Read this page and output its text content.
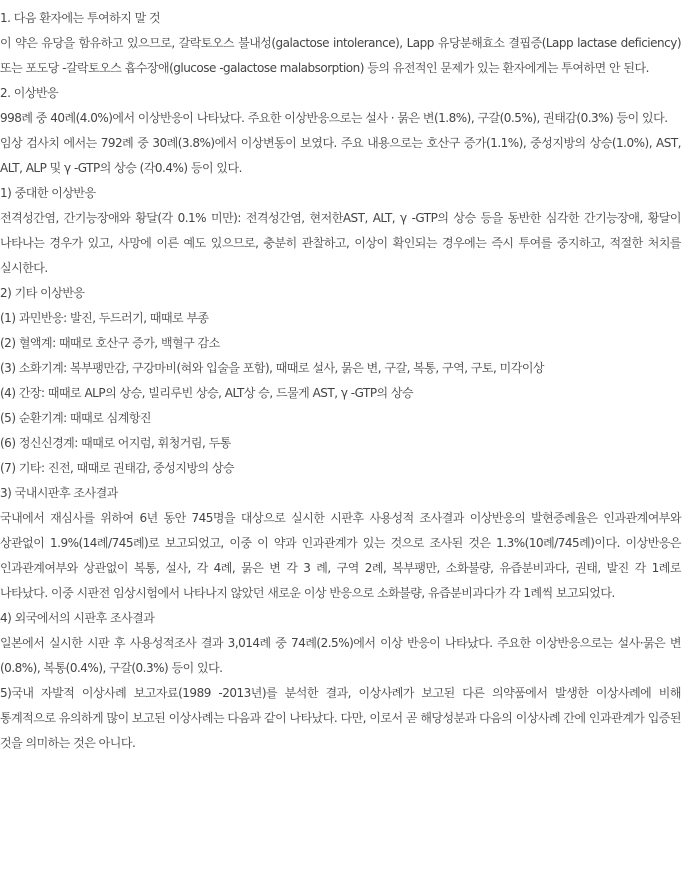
1. 다음 환자에는 투여하지 말 것

이 약은 유당을 함유하고 있으므로, 갈락토오스 불내성(galactose intolerance), Lapp 유당분해효소 결핍증(Lapp lactase deficiency) 또는 포도당 -갈락토오스 흡수장애(glucose -galactose malabsorption) 등의 유전적인 문제가 있는 환자에게는 투여하면 안 된다.

2. 이상반응

998례 중 40례(4.0%)에서 이상반응이 나타났다. 주요한 이상반응으로는 설사 · 묽은 변(1.8%), 구갈(0.5%), 권태감(0.3%) 등이 있다.

임상 검사치 에서는 792례 중 30례(3.8%)에서 이상변동이 보였다. 주요 내용으로는 호산구 증가(1.1%), 중성지방의 상승(1.0%), AST, ALT, ALP 및 γ -GTP의 상승 (각0.4%) 등이 있다.

1) 중대한 이상반응

전격성간염, 간기능장애와 황달(각 0.1% 미만): 전격성간염, 현저한AST, ALT, γ -GTP의 상승 등을 동반한 심각한 간기능장애, 황달이 나타나는 경우가 있고, 사망에 이른 예도 있으므로, 충분히 관찰하고, 이상이 확인되는 경우에는 즉시 투여를 중지하고, 적절한 처치를 실시한다.

2) 기타 이상반응

(1) 과민반응: 발진, 두드러기, 때때로 부종

(2) 혈액계: 때때로 호산구 증가, 백혈구 감소

(3) 소화기계: 복부팽만감, 구강마비(혀와 입술을 포함), 때때로 설사, 묽은 변, 구갈, 복통, 구역, 구토, 미각이상

(4) 간장: 때때로 ALP의 상승, 빌리루빈 상승, ALT상 승, 드물게 AST, γ -GTP의 상승

(5) 순환기계: 때때로 심계항진

(6) 정신신경계: 때때로 어지럼, 휘청거림, 두통

(7) 기타: 진전, 때때로 권태감, 중성지방의 상승

3) 국내시판후 조사결과

국내에서 재심사를 위하여 6년 동안 745명을 대상으로 실시한 시판후 사용성적 조사결과 이상반응의 발현증례율은 인과관계여부와 상관없이 1.9%(14례/745례)로 보고되었고, 이중 이 약과 인과관계가 있는 것으로 조사된 것은 1.3%(10례/745례)이다. 이상반응은 인과관계여부와 상관없이 복통, 설사, 각 4례, 묽은 변 각 3 례, 구역 2례, 복부팽만, 소화불량, 유즙분비과다, 권태, 발진 각 1례로 나타났다. 이중 시판전 임상시험에서 나타나지 않았던 새로운 이상 반응으로 소화불량, 유즙분비과다가 각 1례씩 보고되었다.

4) 외국에서의 시판후 조사결과

일본에서 실시한 시판 후 사용성적조사 결과 3,014례 중 74례(2.5%)에서 이상 반응이 나타났다. 주요한 이상반응으로는 설사·묽은 변(0.8%), 복통(0.4%), 구갈(0.3%) 등이 있다.

5)국내 자발적 이상사례 보고자료(1989 -2013년)를 분석한 결과, 이상사례가 보고된 다른 의약품에서 발생한 이상사례에 비해 통계적으로 유의하게 많이 보고된 이상사례는 다음과 같이 나타났다. 다만, 이로서 곧 해당성분과 다음의 이상사례 간에 인과관계가 입증된 것을 의미하는 것은 아니다.
